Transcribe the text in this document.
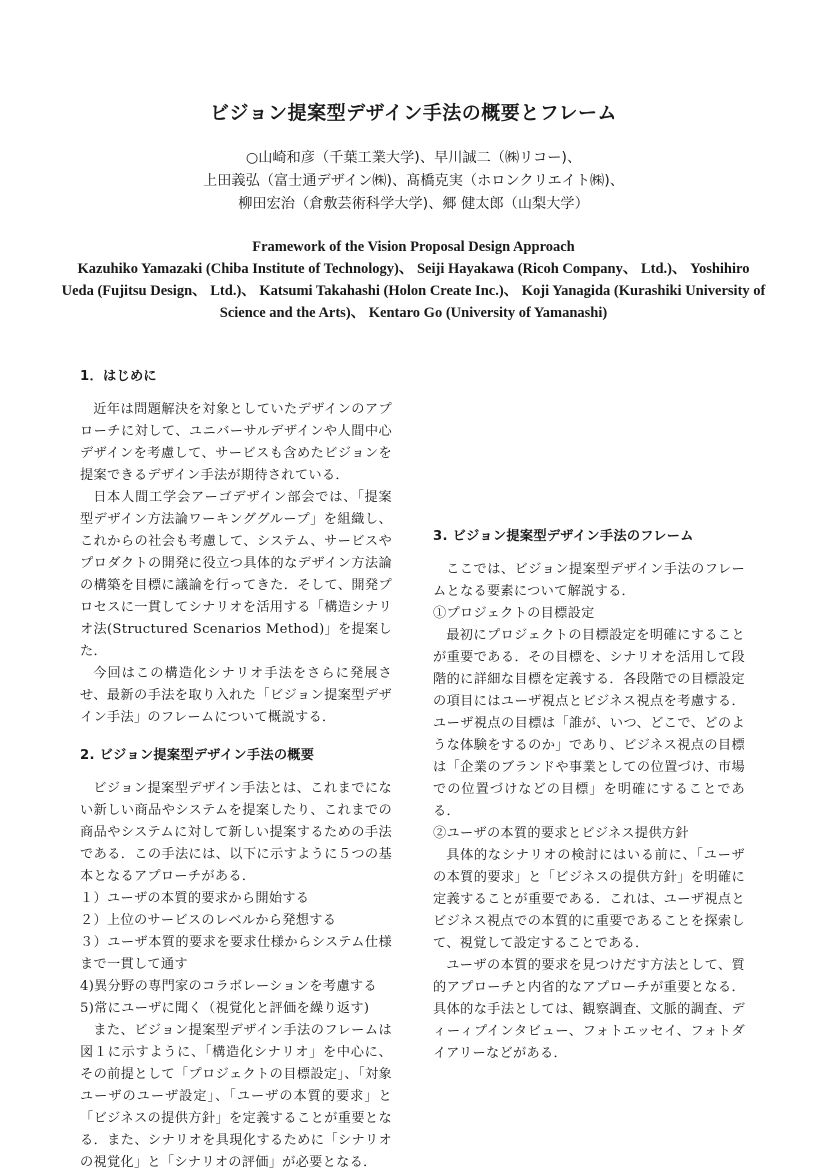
ビジョン提案型デザイン手法の概要とフレーム
○山崎和彦（千葉工業大学)、早川誠二（㈱リコー)、
上田義弘（富士通デザイン㈱)、髙橋克実（ホロンクリエイト㈱)、
柳田宏治（倉敷芸術科学大学)、郷 健太郎（山梨大学）
Framework of the Vision Proposal Design Approach
Kazuhiko Yamazaki (Chiba Institute of Technology)、 Seiji Hayakawa (Ricoh Company、 Ltd.)、 Yoshihiro Ueda (Fujitsu Design、 Ltd.)、 Katsumi Takahashi (Holon Create Inc.)、 Koji Yanagida (Kurashiki University of Science and the Arts)、 Kentaro Go (University of Yamanashi)
1．はじめに

近年は問題解決を対象としていたデザインのアプローチに対して、ユニバーサルデザインや人間中心デザインを考慮して、サービスも含めたビジョンを提案できるデザイン手法が期待されている．

日本人間工学会アーゴデザイン部会では、「提案型デザイン方法論ワーキンググループ」を組織し、これからの社会も考慮して、システム、サービスやプロダクトの開発に役立つ具体的なデザイン方法論の構築を目標に議論を行ってきた．そして、開発プロセスに一貫してシナリオを活用する「構造シナリオ法(Structured Scenarios Method)」を提案した．

今回はこの構造化シナリオ手法をさらに発展させ、最新の手法を取り入れた「ビジョン提案型デザイン手法」のフレームについて概説する．

2. ビジョン提案型デザイン手法の概要

ビジョン提案型デザイン手法とは、これまでにない新しい商品やシステムを提案したり、これまでの商品やシステムに対して新しい提案するための手法である．この手法には、以下に示すように５つの基本となるアプローチがある．

１）ユーザの本質的要求から開始する

２）上位のサービスのレベルから発想する

３）ユーザ本質的要求を要求仕様からシステム仕様まで一貫して通す

4)異分野の専門家のコラボレーションを考慮する

5)常にユーザに聞く（視覚化と評価を繰り返す)

また、ビジョン提案型デザイン手法のフレームは図１に示すように、「構造化シナリオ」を中心に、その前提として「プロジェクトの目標設定」、「対象ユーザのユーザ設定」、「ユーザの本質的要求」と「ビジネスの提供方針」を定義することが重要となる．また、シナリオを具現化するために「シナリオの視覚化」と「シナリオの評価」が必要となる．

3. ビジョン提案型デザイン手法のフレーム

ここでは、ビジョン提案型デザイン手法のフレームとなる要素について解説する．

①プロジェクトの目標設定

最初にプロジェクトの目標設定を明確にすることが重要である．その目標を、シナリオを活用して段階的に詳細な目標を定義する．各段階での目標設定の項目にはユーザ視点とビジネス視点を考慮する．ユーザ視点の目標は「誰が、いつ、どこで、どのような体験をするのか」であり、ビジネス視点の目標は「企業のブランドや事業としての位置づけ、市場での位置づけなどの目標」を明確にすることである．

②ユーザの本質的要求とビジネス提供方針

具体的なシナリオの検討にはいる前に、「ユーザの本質的要求」と「ビジネスの提供方針」を明確に定義することが重要である．これは、ユーザ視点とビジネス視点での本質的に重要であることを探索して、視覚して設定することである．

ユーザの本質的要求を見つけだす方法として、質的アプローチと内省的なアプローチが重要となる．具体的な手法としては、観察調査、文脈的調査、ディーィプインタビュー、フォトエッセイ、フォトダイアリーなどがある．
